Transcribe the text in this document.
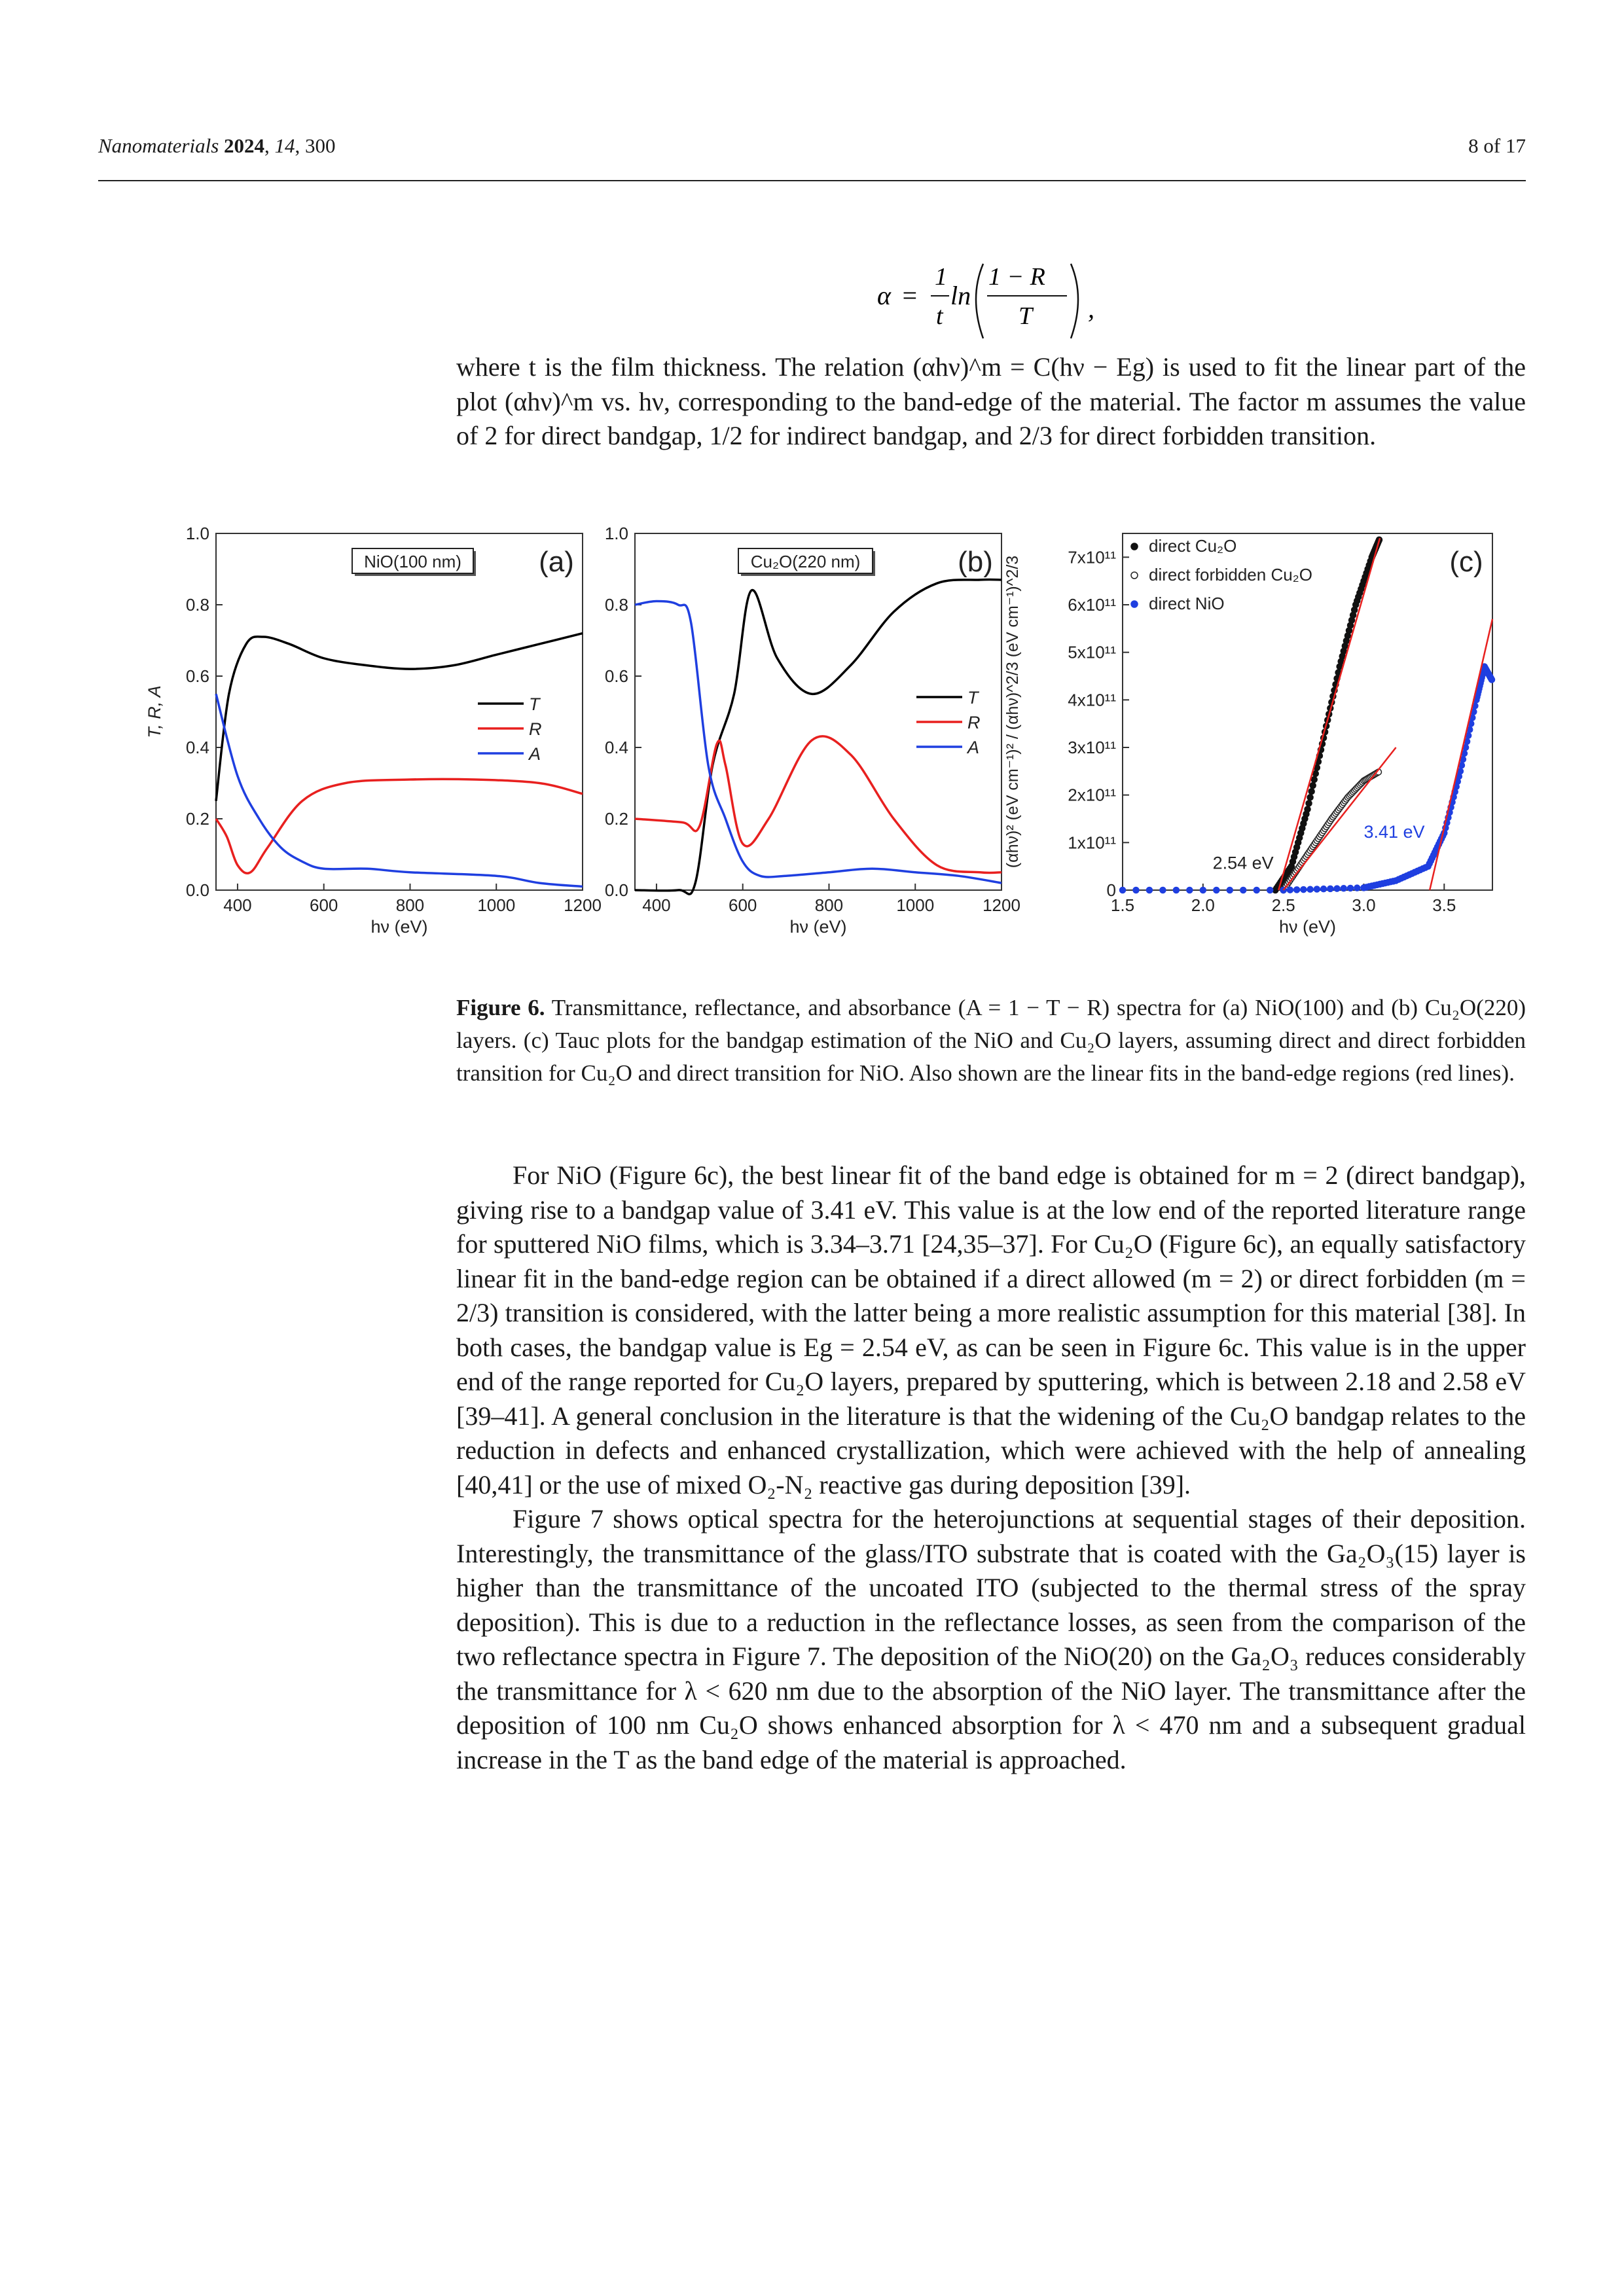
Nanomaterials 2024, 14, 300	8 of 17
α =
1
t
ln
1 − R
T ,

where t is the film thickness. The relation (αhν)^m = C(hν − Eg) is used to fit the linear part of the plot (αhν)^m vs. hν, corresponding to the band-edge of the material. The factor m assumes the value of 2 for direct bandgap, 1/2 for indirect bandgap, and 2/3 for direct forbidden transition.

0.0
0.2
0.4
0.6
0.8
1.0
400	600	800	1000	1200
hν (eV)
T, R, A
NiO(100 nm)	(a)
T
R
A
0.0
0.2
0.4
0.6
0.8
1.0
400	600	800	1000	1200
hν (eV)
Cu₂O(220 nm)	(b)
T
R
A
0
1x10¹¹
2x10¹¹
3x10¹¹
4x10¹¹
5x10¹¹
6x10¹¹
7x10¹¹
1.5	2.0	2.5	3.0	3.5
hν (eV)
(αhν)² (eV cm⁻¹)² / (αhν)^2/3 (eV cm⁻¹)^2/3	2.54 eV
3.41 eV
direct Cu₂O
direct forbidden Cu₂O
direct NiO
(c)
Figure 6. Transmittance, reflectance, and absorbance (A = 1 − T − R) spectra for (a) NiO(100) and (b) Cu₂O(220) layers. (c) Tauc plots for the bandgap estimation of the NiO and Cu₂O layers, assuming direct and direct forbidden transition for Cu₂O and direct transition for NiO. Also shown are the linear fits in the band-edge regions (red lines).

For NiO (Figure 6c), the best linear fit of the band edge is obtained for m = 2 (direct bandgap), giving rise to a bandgap value of 3.41 eV. This value is at the low end of the reported literature range for sputtered NiO films, which is 3.34–3.71 [24,35–37]. For Cu₂O (Figure 6c), an equally satisfactory linear fit in the band-edge region can be obtained if a direct allowed (m = 2) or direct forbidden (m = 2/3) transition is considered, with the latter being a more realistic assumption for this material [38]. In both cases, the bandgap value is Eg = 2.54 eV, as can be seen in Figure 6c. This value is in the upper end of the range reported for Cu₂O layers, prepared by sputtering, which is between 2.18 and 2.58 eV [39–41]. A general conclusion in the literature is that the widening of the Cu₂O bandgap relates to the reduction in defects and enhanced crystallization, which were achieved with the help of annealing [40,41] or the use of mixed O₂-N₂ reactive gas during deposition [39].

Figure 7 shows optical spectra for the heterojunctions at sequential stages of their deposition. Interestingly, the transmittance of the glass/ITO substrate that is coated with the Ga₂O₃(15) layer is higher than the transmittance of the uncoated ITO (subjected to the thermal stress of the spray deposition). This is due to a reduction in the reflectance losses, as seen from the comparison of the two reflectance spectra in Figure 7. The deposition of the NiO(20) on the Ga₂O₃ reduces considerably the transmittance for λ < 620 nm due to the absorption of the NiO layer. The transmittance after the deposition of 100 nm Cu₂O shows enhanced absorption for λ < 470 nm and a subsequent gradual increase in the T as the band edge of the material is approached.
